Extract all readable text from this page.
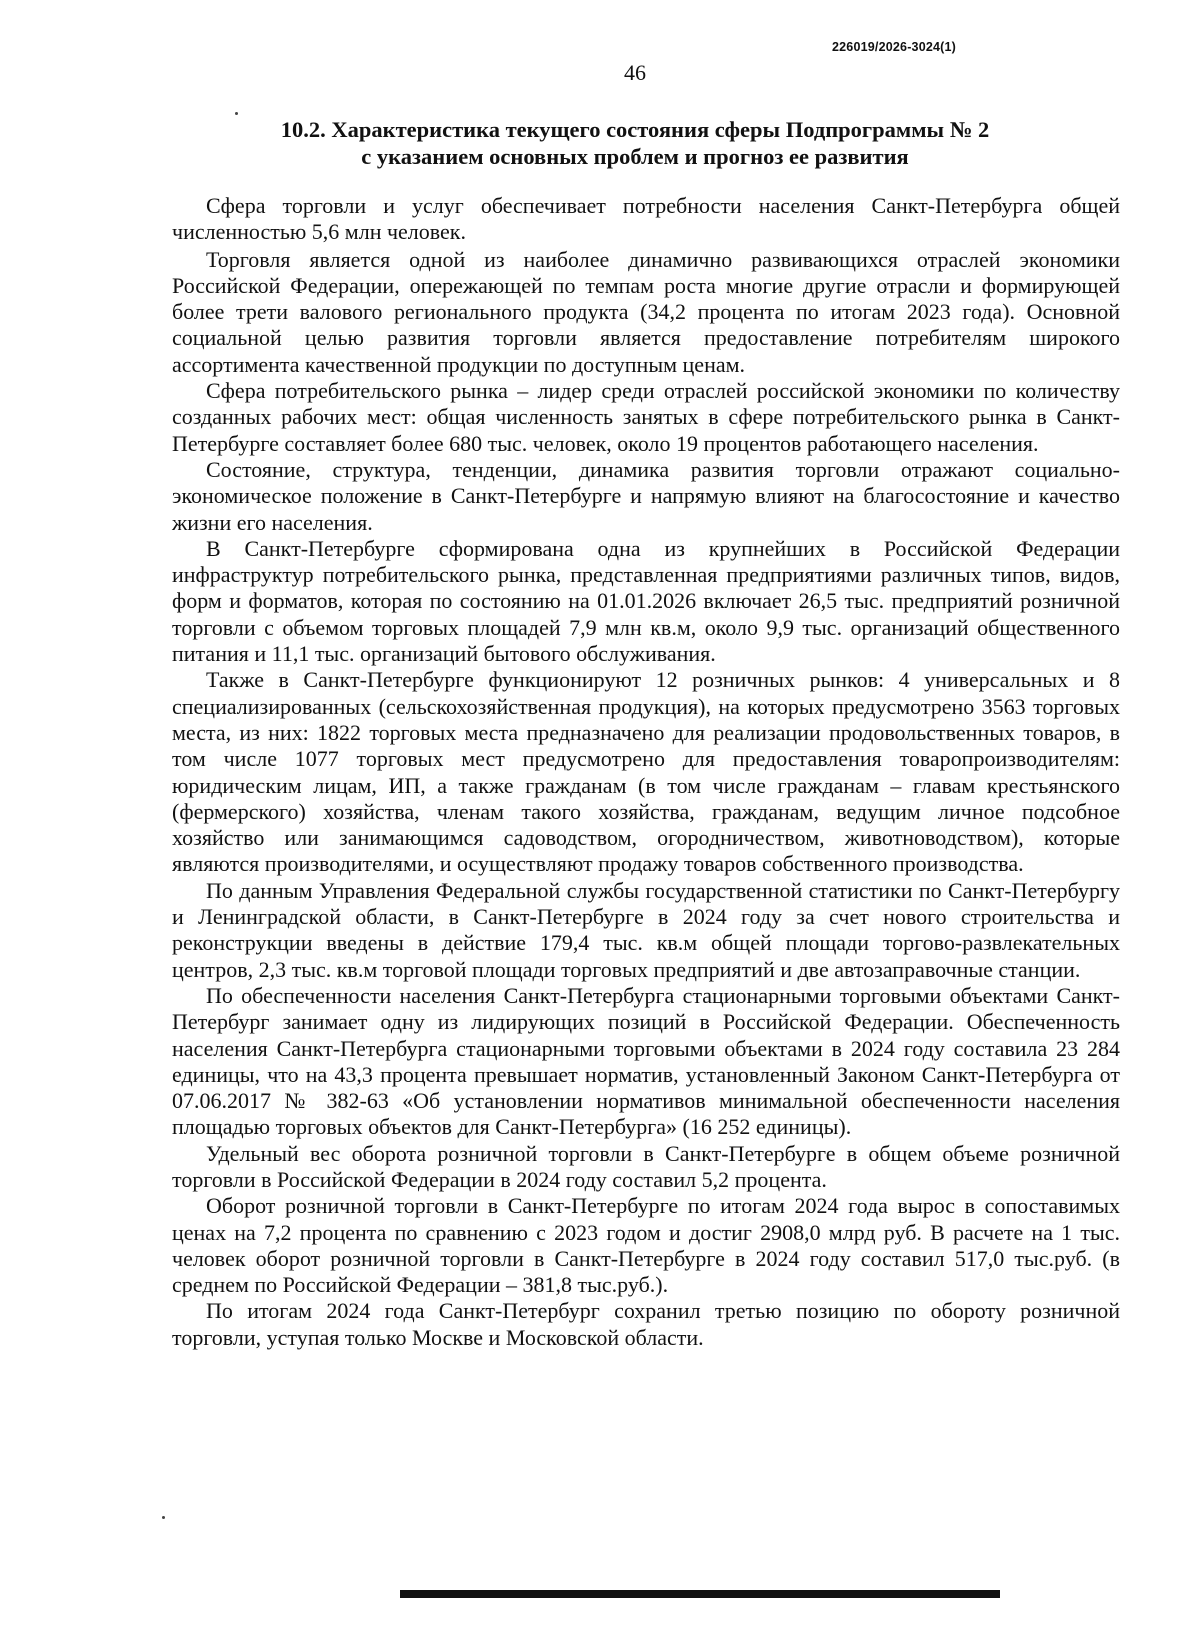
226019/2026-3024(1)
46
10.2. Характеристика текущего состояния сферы Подпрограммы № 2
с указанием основных проблем и прогноз ее развития

Сфера торговли и услуг обеспечивает потребности населения Санкт-Петербурга общей численностью 5,6 млн человек.

Торговля является одной из наиболее динамично развивающихся отраслей экономики Российской Федерации, опережающей по темпам роста многие другие отрасли и формирующей более трети валового регионального продукта (34,2 процента по итогам 2023 года). Основной социальной целью развития торговли является предоставление потребителям широкого ассортимента качественной продукции по доступным ценам.

Сфера потребительского рынка – лидер среди отраслей российской экономики по количеству созданных рабочих мест: общая численность занятых в сфере потребительского рынка в Санкт-Петербурге составляет более 680 тыс. человек, около 19 процентов работающего населения.

Состояние, структура, тенденции, динамика развития торговли отражают социально-экономическое положение в Санкт-Петербурге и напрямую влияют на благосостояние и качество жизни его населения.

В Санкт-Петербурге сформирована одна из крупнейших в Российской Федерации инфраструктур потребительского рынка, представленная предприятиями различных типов, видов, форм и форматов, которая по состоянию на 01.01.2026 включает 26,5 тыс. предприятий розничной торговли с объемом торговых площадей 7,9 млн кв.м, около 9,9 тыс. организаций общественного питания и 11,1 тыс. организаций бытового обслуживания.

Также в Санкт-Петербурге функционируют 12 розничных рынков: 4 универсальных и 8 специализированных (сельскохозяйственная продукция), на которых предусмотрено 3563 торговых места, из них: 1822 торговых места предназначено для реализации продовольственных товаров, в том числе 1077 торговых мест предусмотрено для предоставления товаропроизводителям: юридическим лицам, ИП, а также гражданам (в том числе гражданам – главам крестьянского (фермерского) хозяйства, членам такого хозяйства, гражданам, ведущим личное подсобное хозяйство или занимающимся садоводством, огородничеством, животноводством), которые являются производителями, и осуществляют продажу товаров собственного производства.

По данным Управления Федеральной службы государственной статистики по Санкт-Петербургу и Ленинградской области, в Санкт-Петербурге в 2024 году за счет нового строительства и реконструкции введены в действие 179,4 тыс. кв.м общей площади торгово-развлекательных центров, 2,3 тыс. кв.м торговой площади торговых предприятий и две автозаправочные станции.

По обеспеченности населения Санкт-Петербурга стационарными торговыми объектами Санкт-Петербург занимает одну из лидирующих позиций в Российской Федерации. Обеспеченность населения Санкт-Петербурга стационарными торговыми объектами в 2024 году составила 23 284 единицы, что на 43,3 процента превышает норматив, установленный Законом Санкт-Петербурга от 07.06.2017 № 382-63 «Об установлении нормативов минимальной обеспеченности населения площадью торговых объектов для Санкт-Петербурга» (16 252 единицы).

Удельный вес оборота розничной торговли в Санкт-Петербурге в общем объеме розничной торговли в Российской Федерации в 2024 году составил 5,2 процента.

Оборот розничной торговли в Санкт-Петербурге по итогам 2024 года вырос в сопоставимых ценах на 7,2 процента по сравнению с 2023 годом и достиг 2908,0 млрд руб. В расчете на 1 тыс. человек оборот розничной торговли в Санкт-Петербурге в 2024 году составил 517,0 тыс.руб. (в среднем по Российской Федерации – 381,8 тыс.руб.).

По итогам 2024 года Санкт-Петербург сохранил третью позицию по обороту розничной торговли, уступая только Москве и Московской области.
